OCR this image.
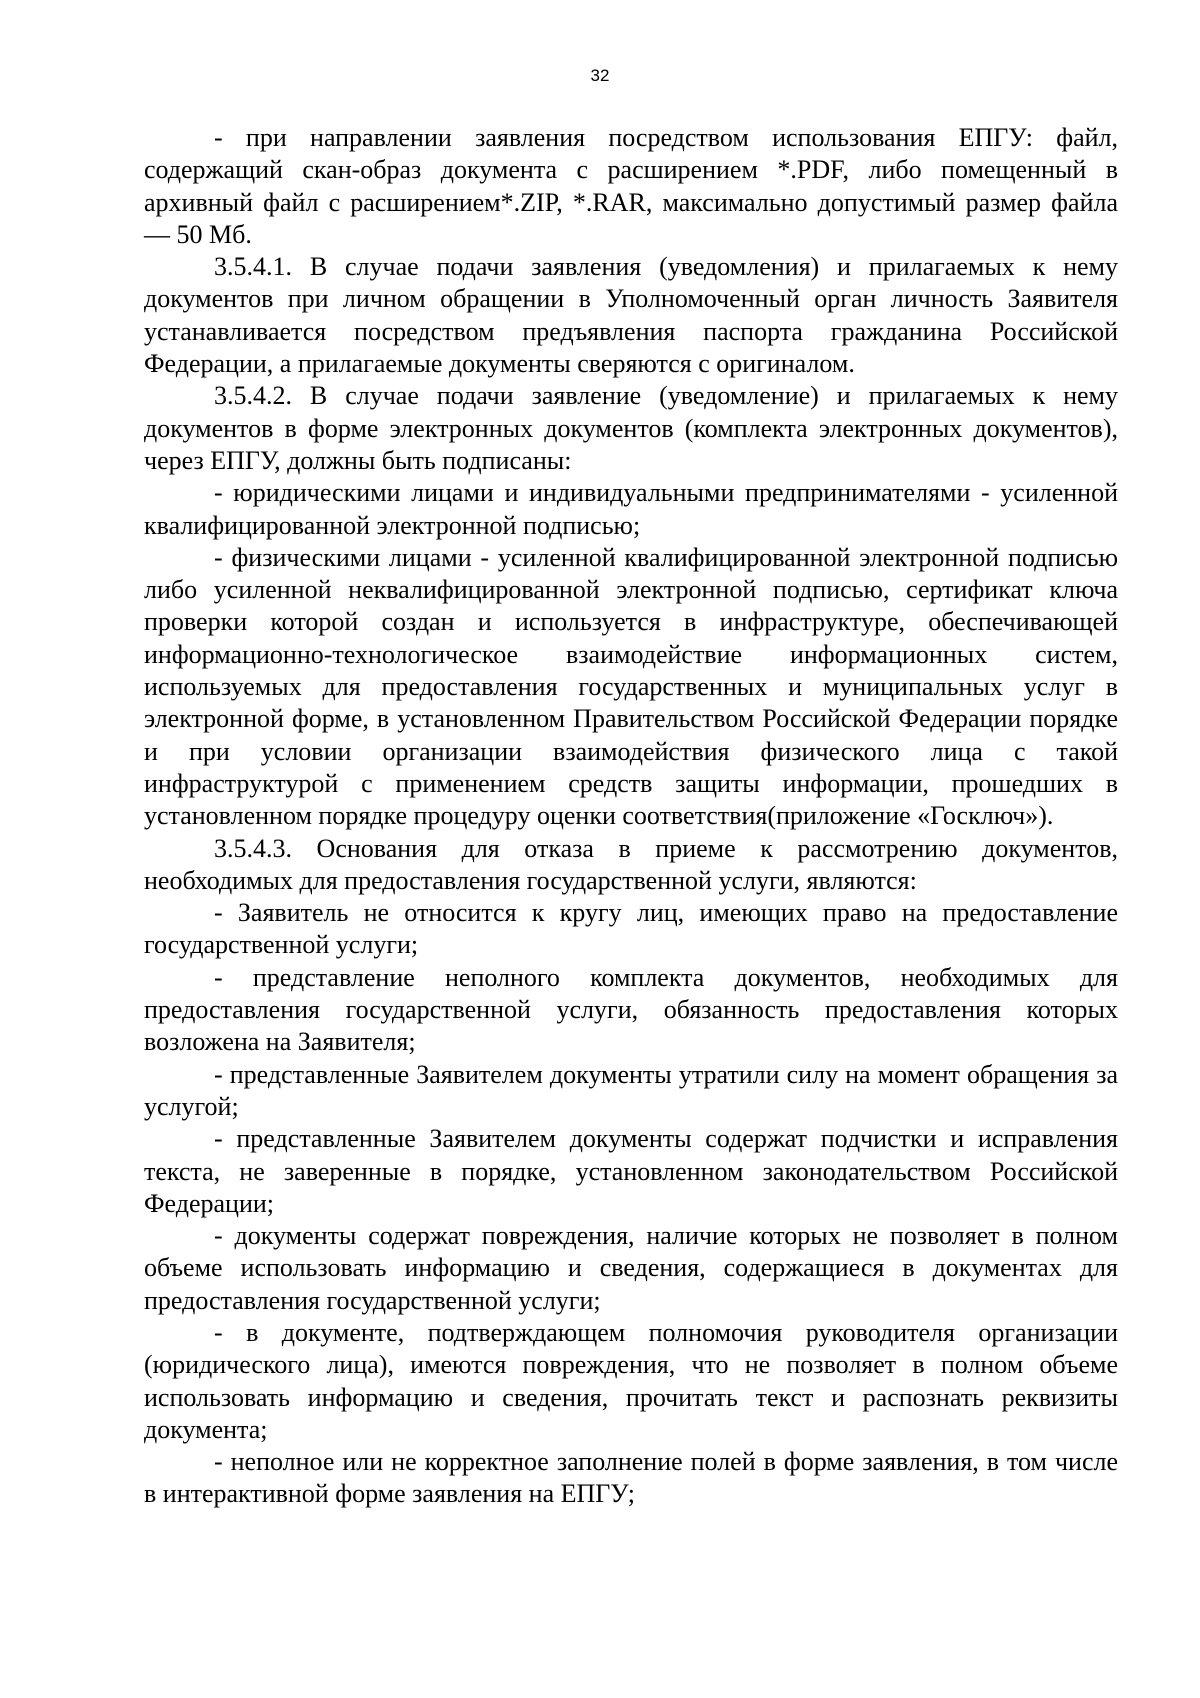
32

- при направлении заявления посредством использования ЕПГУ: файл, содержащий скан-образ документа с расширением *.PDF, либо помещенный в архивный файл с расширением*.ZIP, *.RAR, максимально допустимый размер файла — 50 Мб.

3.5.4.1. В случае подачи заявления (уведомления) и прилагаемых к нему документов при личном обращении в Уполномоченный орган личность Заявителя устанавливается посредством предъявления паспорта гражданина Российской Федерации, а прилагаемые документы сверяются с оригиналом.

3.5.4.2. В случае подачи заявление (уведомление) и прилагаемых к нему документов в форме электронных документов (комплекта электронных документов), через ЕПГУ, должны быть подписаны:

- юридическими лицами и индивидуальными предпринимателями - усиленной квалифицированной электронной подписью;

- физическими лицами - усиленной квалифицированной электронной подписью либо усиленной неквалифицированной электронной подписью, сертификат ключа проверки которой создан и используется в инфраструктуре, обеспечивающей информационно-технологическое взаимодействие информационных систем, используемых для предоставления государственных и муниципальных услуг в электронной форме, в установленном Правительством Российской Федерации порядке и при условии организации взаимодействия физического лица с такой инфраструктурой с применением средств защиты информации, прошедших в установленном порядке процедуру оценки соответствия(приложение «Госключ»).

3.5.4.3. Основания для отказа в приеме к рассмотрению документов, необходимых для предоставления государственной услуги, являются:

- Заявитель не относится к кругу лиц, имеющих право на предоставление государственной услуги;

- представление неполного комплекта документов, необходимых для предоставления государственной услуги, обязанность предоставления которых возложена на Заявителя;

- представленные Заявителем документы утратили силу на момент обращения за услугой;

- представленные Заявителем документы содержат подчистки и исправления текста, не заверенные в порядке, установленном законодательством Российской Федерации;

- документы содержат повреждения, наличие которых не позволяет в полном объеме использовать информацию и сведения, содержащиеся в документах для предоставления государственной услуги;

- в документе, подтверждающем полномочия руководителя организации (юридического лица), имеются повреждения, что не позволяет в полном объеме использовать информацию и сведения, прочитать текст и распознать реквизиты документа;

- неполное или не корректное заполнение полей в форме заявления, в том числе в интерактивной форме заявления на ЕПГУ;
